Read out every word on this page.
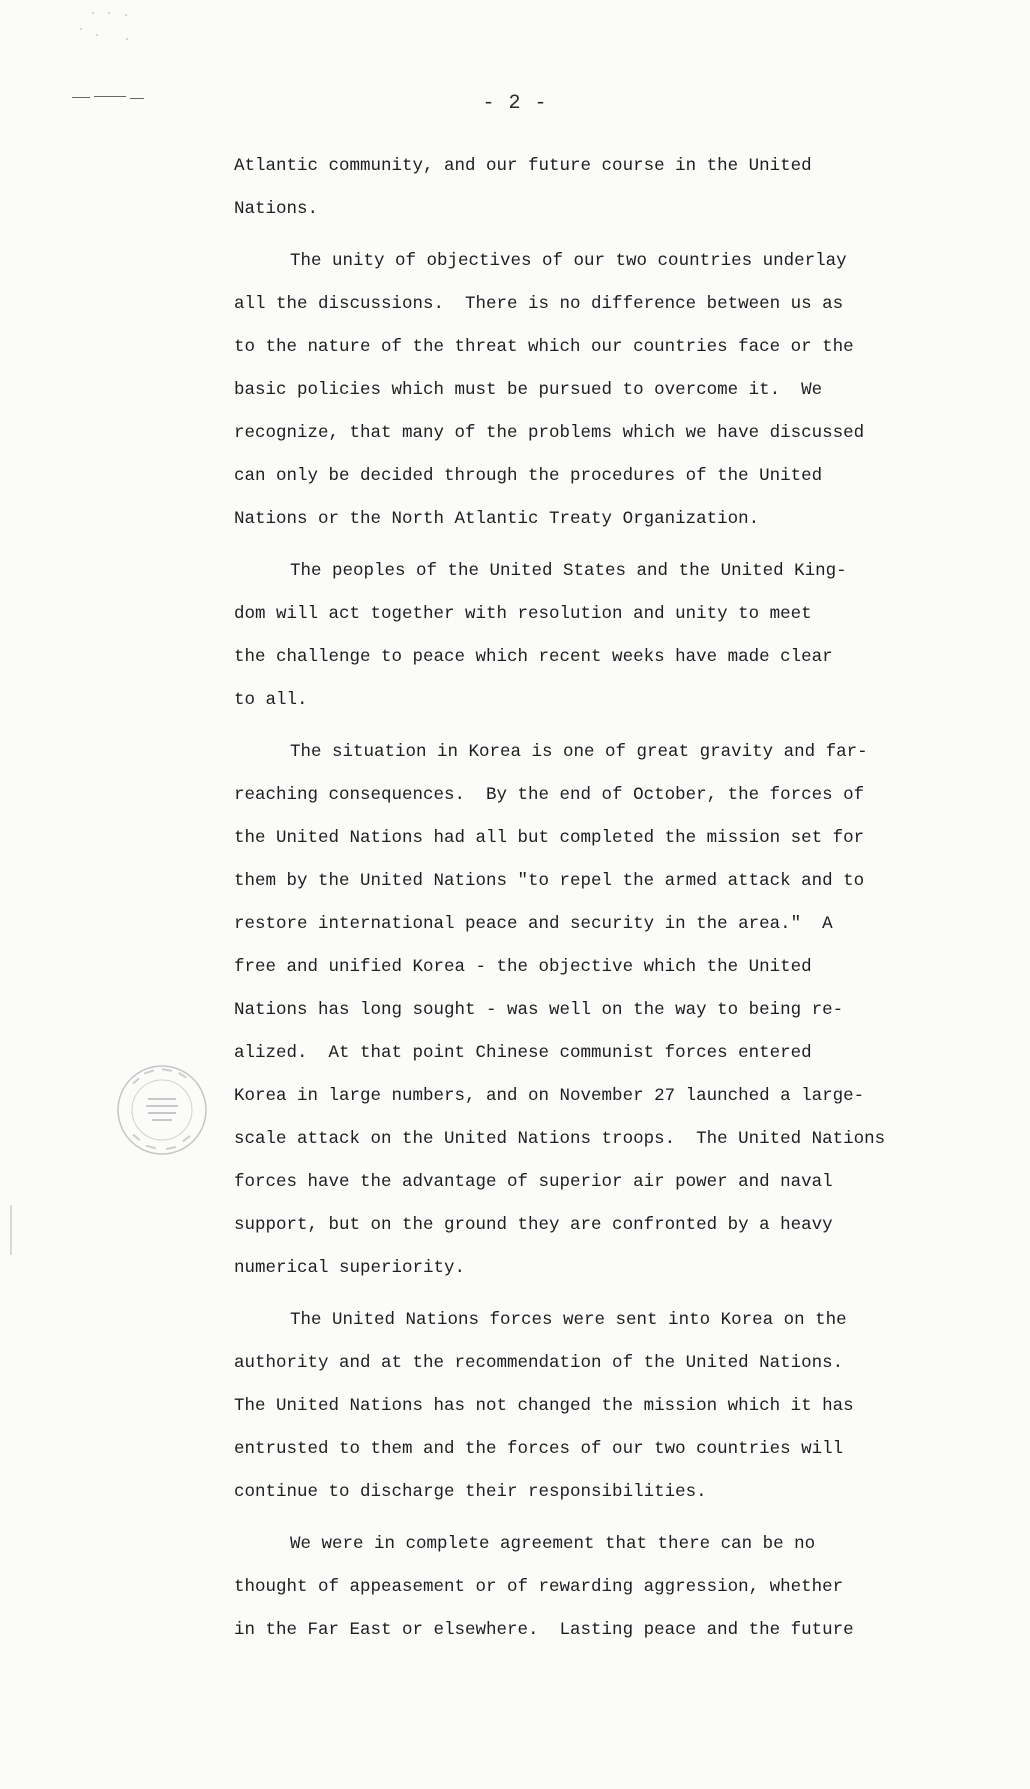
- 2 -

Atlantic community, and our future course in the United
Nations.
The unity of objectives of our two countries underlay
all the discussions.  There is no difference between us as
to the nature of the threat which our countries face or the
basic policies which must be pursued to overcome it.  We
recognize, that many of the problems which we have discussed
can only be decided through the procedures of the United
Nations or the North Atlantic Treaty Organization.
The peoples of the United States and the United King-
dom will act together with resolution and unity to meet
the challenge to peace which recent weeks have made clear
to all.
The situation in Korea is one of great gravity and far-
reaching consequences.  By the end of October, the forces of
the United Nations had all but completed the mission set for
them by the United Nations "to repel the armed attack and to
restore international peace and security in the area."  A
free and unified Korea - the objective which the United
Nations has long sought - was well on the way to being re-
alized.  At that point Chinese communist forces entered
Korea in large numbers, and on November 27 launched a large-
scale attack on the United Nations troops.  The United Nations
forces have the advantage of superior air power and naval
support, but on the ground they are confronted by a heavy
numerical superiority.
The United Nations forces were sent into Korea on the
authority and at the recommendation of the United Nations.
The United Nations has not changed the mission which it has
entrusted to them and the forces of our two countries will
continue to discharge their responsibilities.
We were in complete agreement that there can be no
thought of appeasement or of rewarding aggression, whether
in the Far East or elsewhere.  Lasting peace and the future
